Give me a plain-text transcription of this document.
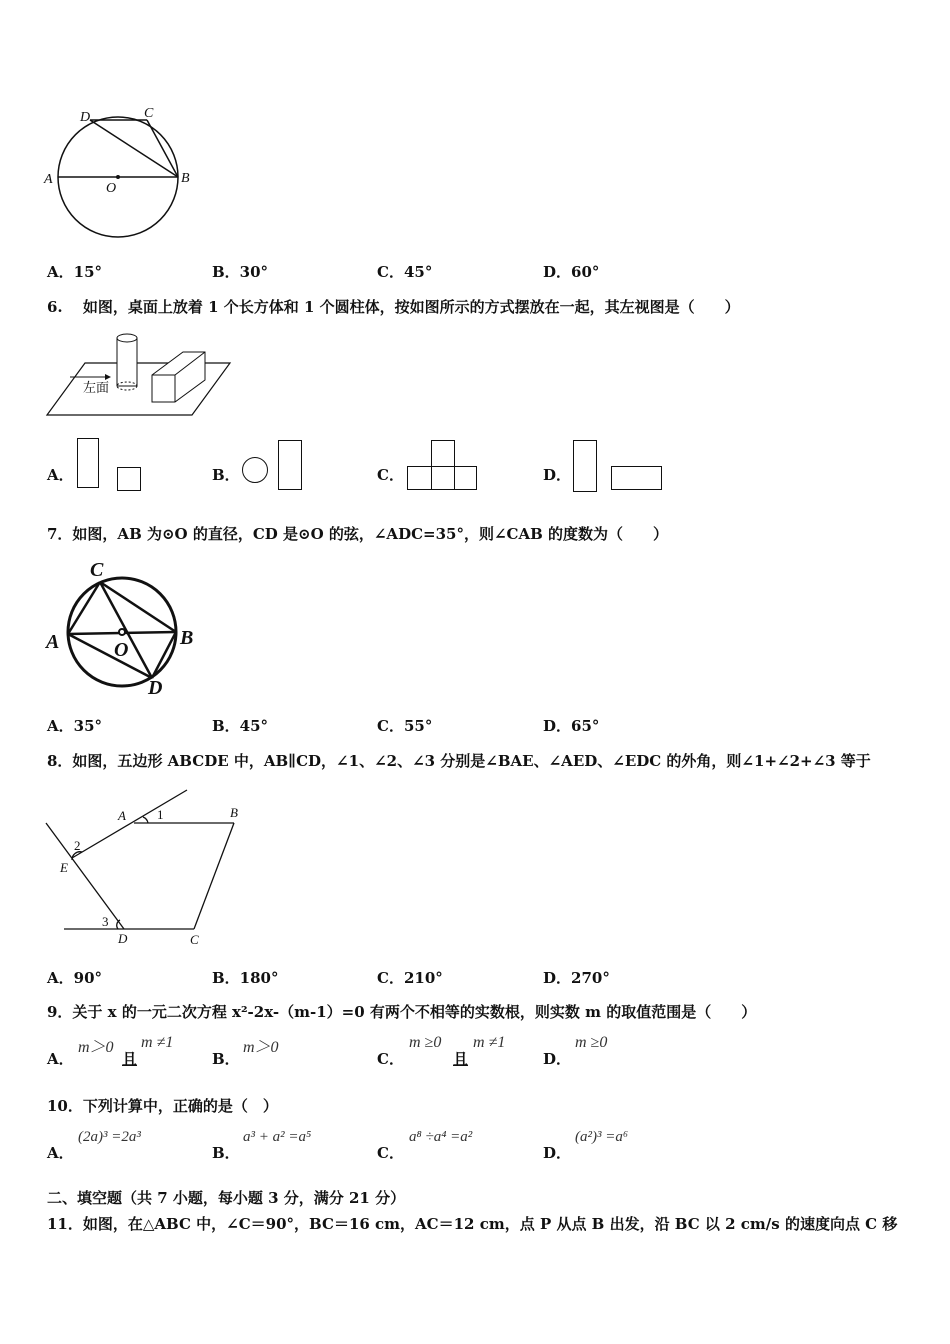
A	B
C
D
O
A．15°	B．30°	C．45°	D．60°
6.　 如图，桌面上放着 1 个长方体和 1 个圆柱体，按如图所示的方式摆放在一起，其左视图是（　　）
左面
A．	B．	C．	D．
7．如图，AB 为⊙O 的直径，CD 是⊙O 的弦，∠ADC=35°，则∠CAB 的度数为（　　）
A	B
C
D
O
A．35°	B．45°	C．55°	D．65°
8．如图，五边形 ABCDE 中，AB∥CD，∠1、∠2、∠3 分别是∠BAE、∠AED、∠EDC 的外角，则∠1+∠2+∠3 等于
A	B
C
D
E
1
2
3
A．90°	B．180°	C．210°	D．270°
9．关于 x 的一元二次方程 x²-2x-（m-1）=0 有两个不相等的实数根，则实数 m 的取值范围是（　　）
A．
m＞0
且
m ≠1
B．
m＞0
C．
m ≥0
且
m ≠1
D．
m ≥0
10．下列计算中，正确的是（　）
A．
(2a)³ =2a³
B．
a³ + a² =a⁵
C．
a⁸ ÷a⁴ =a²
D．
(a²)³ =a⁶
二、填空题（共 7 小题，每小题 3 分，满分 21 分）
11．如图，在△ABC 中，∠C＝90°，BC＝16 cm，AC＝12 cm，点 P 从点 B 出发，沿 BC 以 2 cm/s 的速度向点 C 移
